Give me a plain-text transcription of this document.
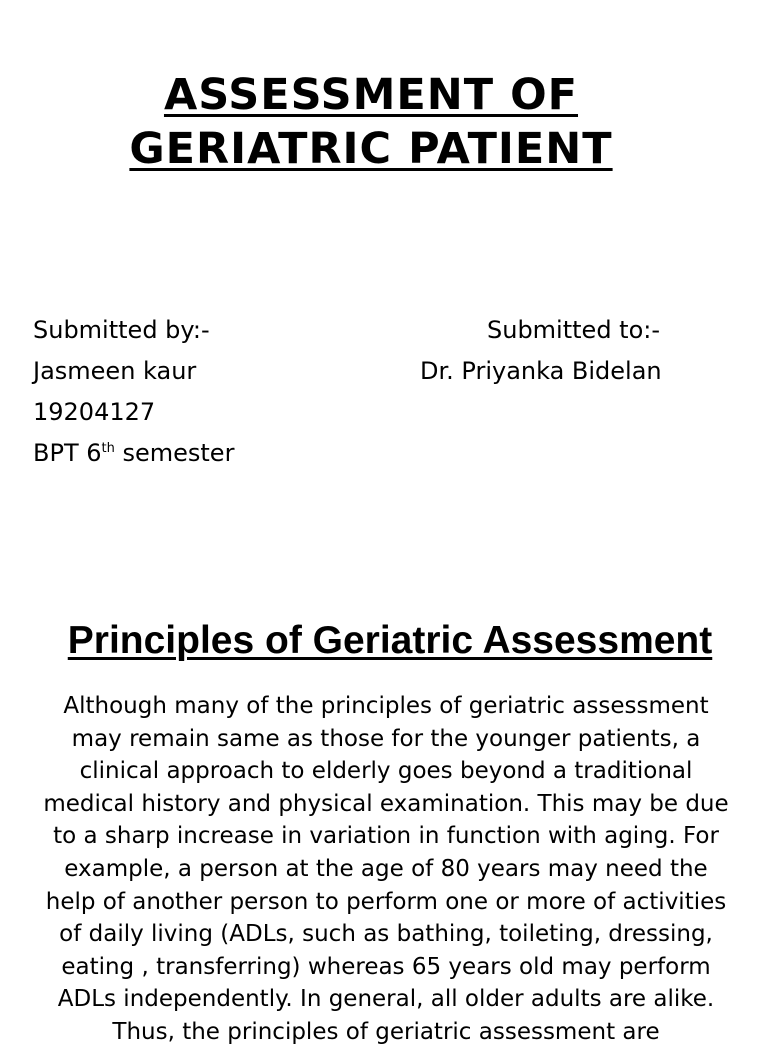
ASSESSMENT OF
GERIATRIC PATIENT
Submitted by:-
Jasmeen kaur
19204127
BPT 6th semester
Submitted to:-
Dr. Priyanka Bidelan
Principles of Geriatric Assessment
Although many of the principles of geriatric assessment may remain same as those for the younger patients, a clinical approach to elderly goes beyond a traditional medical history and physical examination. This may be due to a sharp increase in variation in function with aging. For example, a person at the age of 80 years may need the help of another person to perform one or more of activities of daily living (ADLs, such as bathing, toileting, dressing, eating , transferring) whereas 65 years old may perform ADLs independently. In general, all older adults are alike. Thus, the principles of geriatric assessment are
